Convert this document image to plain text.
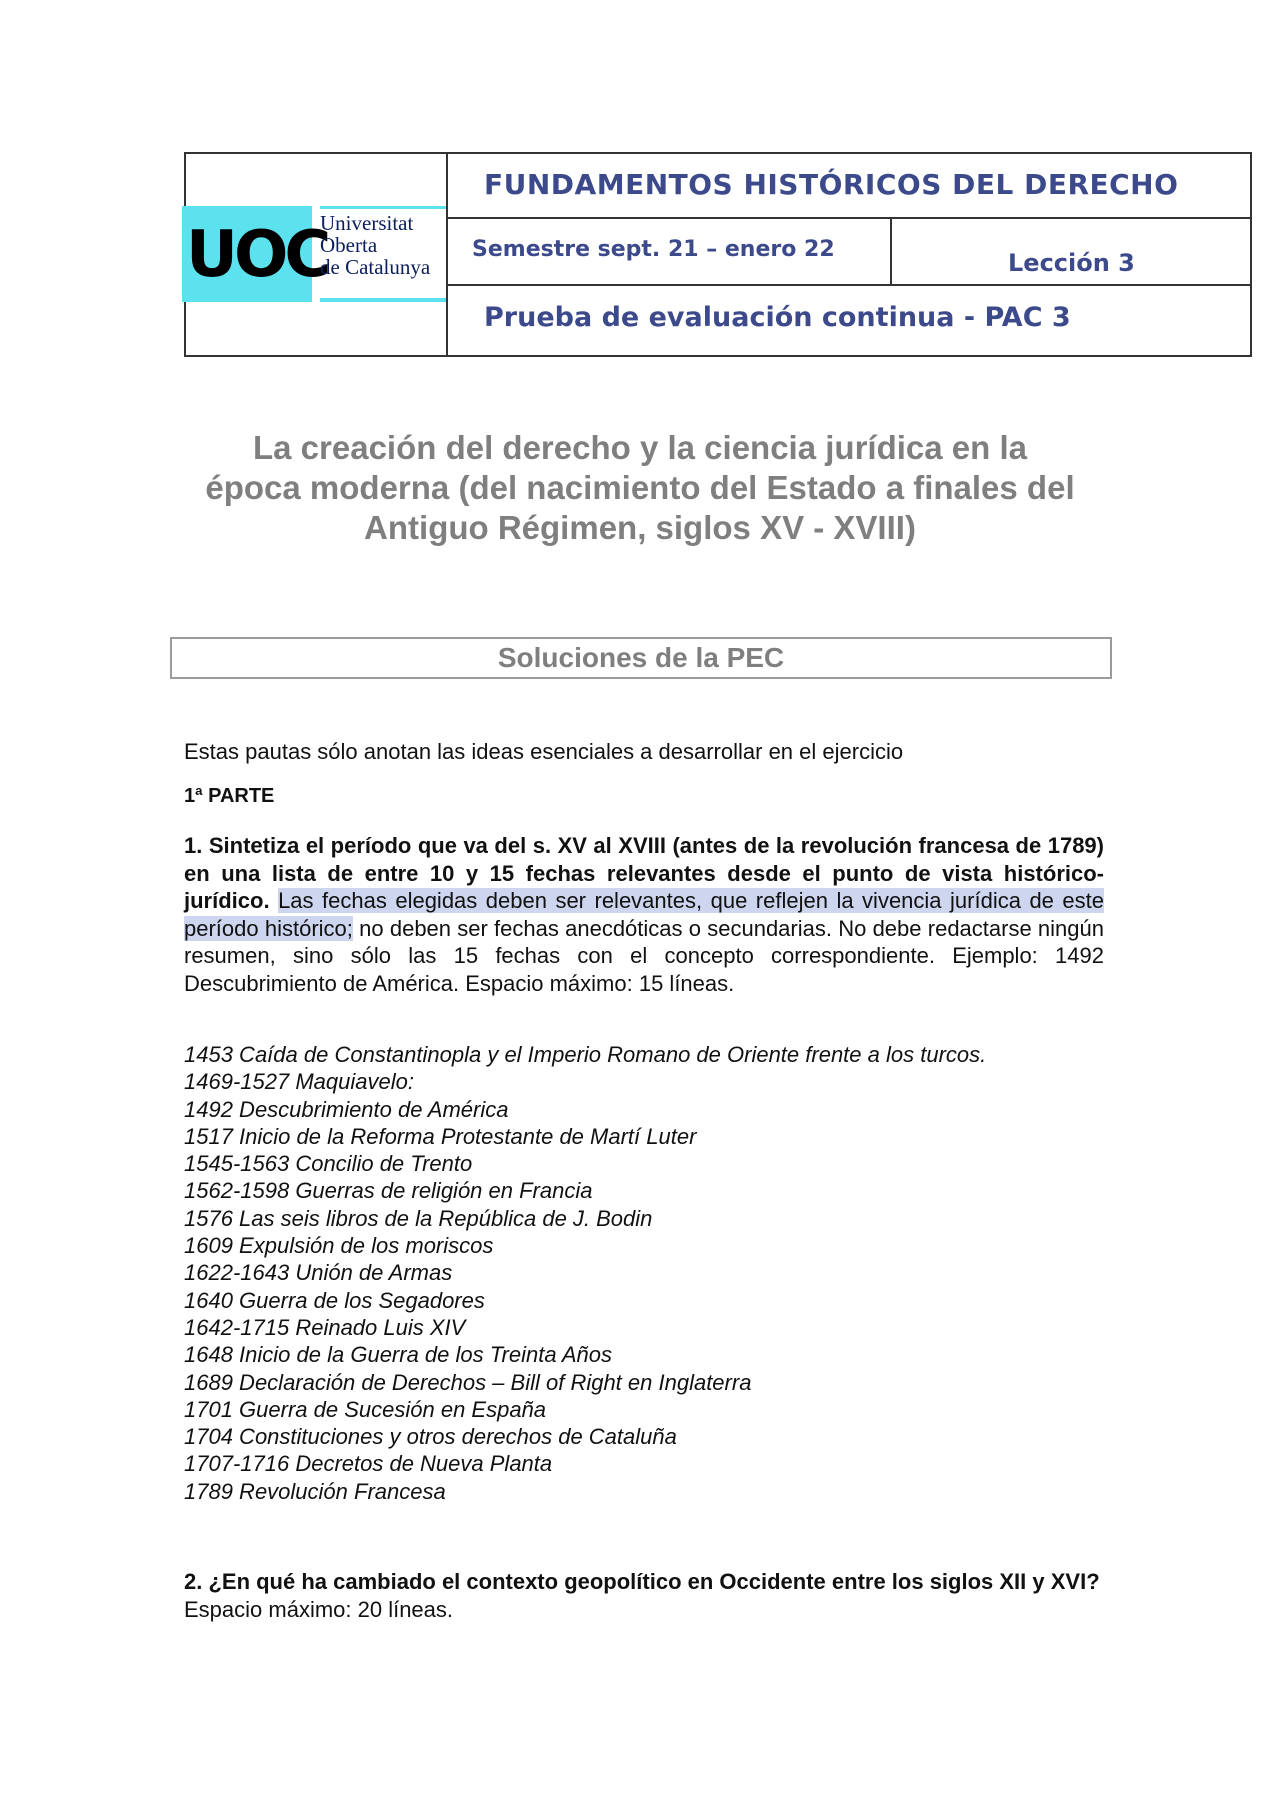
UOC
Universitat
Oberta
de Catalunya
FUNDAMENTOS HISTÓRICOS DEL DERECHO
Semestre sept. 21 – enero 22	Lección 3
Prueba de evaluación continua - PAC 3
La creación del derecho y la ciencia jurídica en la
época moderna (del nacimiento del Estado a finales del
Antiguo Régimen, siglos XV - XVIII)
Soluciones de la PEC
Estas pautas sólo anotan las ideas esenciales a desarrollar en el ejercicio
1ª PARTE
1. Sintetiza el período que va del s. XV al XVIII (antes de la revolución francesa de 1789) en una lista de entre 10 y 15 fechas relevantes desde el punto de vista histórico-jurídico. Las fechas elegidas deben ser relevantes, que reflejen la vivencia jurídica de este período histórico; no deben ser fechas anecdóticas o secundarias. No debe redactarse ningún resumen, sino sólo las 15 fechas con el concepto correspondiente. Ejemplo: 1492 Descubrimiento de América. Espacio máximo: 15 líneas.
1453 Caída de Constantinopla y el Imperio Romano de Oriente frente a los turcos.
1469-1527 Maquiavelo:
1492 Descubrimiento de América
1517 Inicio de la Reforma Protestante de Martí Luter
1545-1563 Concilio de Trento
1562-1598 Guerras de religión en Francia
1576 Las seis libros de la República de J. Bodin
1609 Expulsión de los moriscos
1622-1643 Unión de Armas
1640 Guerra de los Segadores
1642-1715 Reinado Luis XIV
1648 Inicio de la Guerra de los Treinta Años
1689 Declaración de Derechos – Bill of Right en Inglaterra
1701 Guerra de Sucesión en España
1704 Constituciones y otros derechos de Cataluña
1707-1716 Decretos de Nueva Planta
1789 Revolución Francesa
2. ¿En qué ha cambiado el contexto geopolítico en Occidente entre los siglos XII y XVI? Espacio máximo: 20 líneas.
